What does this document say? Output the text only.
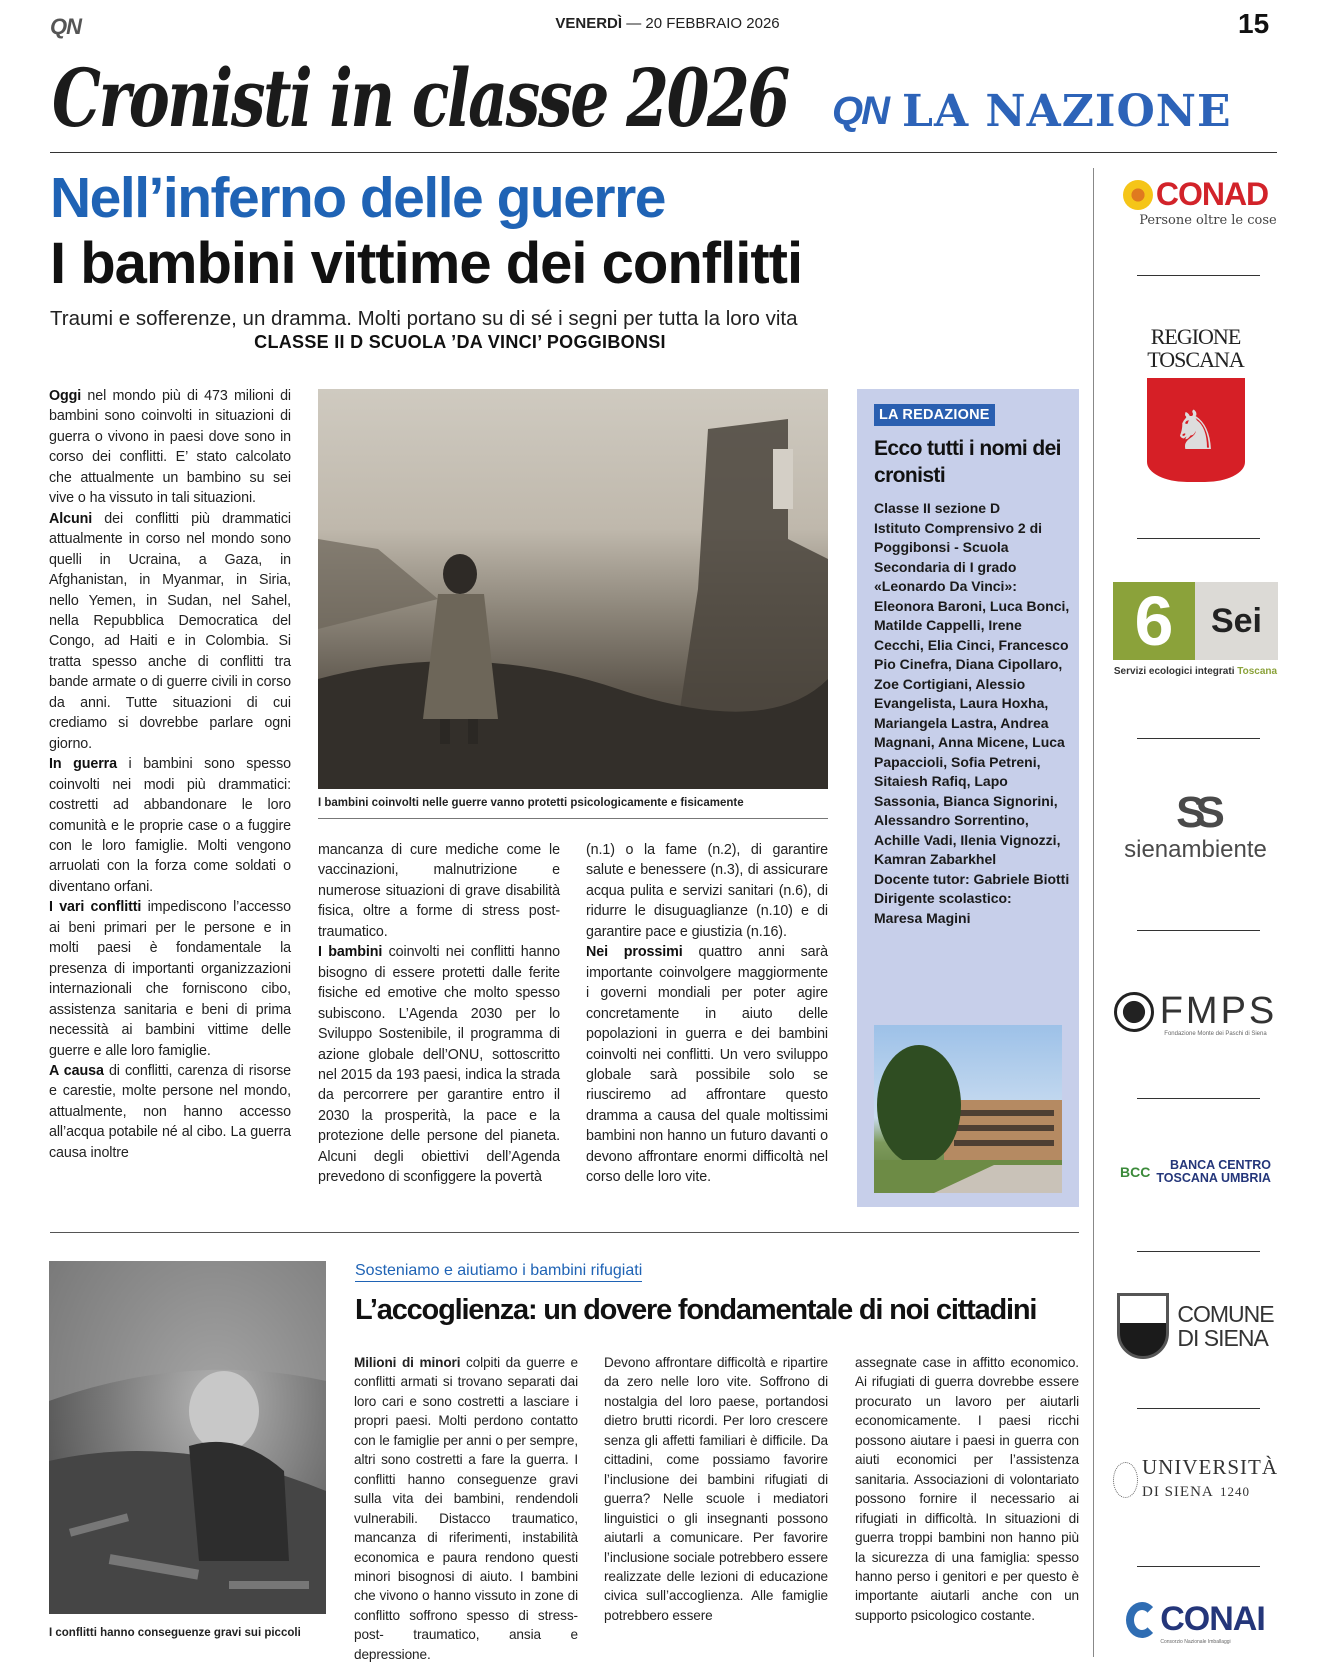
QN	VENERDÌ — 20 FEBBRAIO 2026	15
Cronisti in classe 2026 QN LA NAZIONE
Nell’inferno delle guerre
I bambini vittime dei conflitti
Traumi e sofferenze, un dramma. Molti portano su di sé i segni per tutta la loro vita
CLASSE II D SCUOLA ’DA VINCI’ POGGIBONSI

Oggi nel mondo più di 473 milioni di bambini sono coinvolti in situazioni di guerra o vivono in paesi dove sono in corso dei conflitti. E’ stato calcolato che attualmente un bambino su sei vive o ha vissuto in tali situazioni.

Alcuni dei conflitti più drammatici attualmente in corso nel mondo sono quelli in Ucraina, a Gaza, in Afghanistan, in Myanmar, in Siria, nello Yemen, in Sudan, nel Sahel, nella Repubblica Democratica del Congo, ad Haiti e in Colombia. Si tratta spesso anche di conflitti tra bande armate o di guerre civili in corso da anni. Tutte situazioni di cui crediamo si dovrebbe parlare ogni giorno.

In guerra i bambini sono spesso coinvolti nei modi più drammatici: costretti ad abbandonare le loro comunità e le proprie case o a fuggire con le loro famiglie. Molti vengono arruolati con la forza come soldati o diventano orfani.

I vari conflitti impediscono l’accesso ai beni primari per le persone e in molti paesi è fondamentale la presenza di importanti organizzazioni internazionali che forniscono cibo, assistenza sanitaria e beni di prima necessità ai bambini vittime delle guerre e alle loro famiglie.

A causa di conflitti, carenza di risorse e carestie, molte persone nel mondo, attualmente, non hanno accesso all’acqua potabile né al cibo. La guerra causa inoltre

I bambini coinvolti nelle guerre vanno protetti psicologicamente e fisicamente

mancanza di cure mediche come le vaccinazioni, malnutrizione e numerose situazioni di grave disabilità fisica, oltre a forme di stress post- traumatico.

I bambini coinvolti nei conflitti hanno bisogno di essere protetti dalle ferite fisiche ed emotive che molto spesso subiscono. L’Agenda 2030 per lo Sviluppo Sostenibile, il programma di azione globale dell’ONU, sottoscritto nel 2015 da 193 paesi, indica la strada da percorrere per garantire entro il 2030 la prosperità, la pace e la protezione delle persone del pianeta. Alcuni degli obiettivi dell’Agenda prevedono di sconfiggere la povertà

(n.1) o la fame (n.2), di garantire salute e benessere (n.3), di assicurare acqua pulita e servizi sanitari (n.6), di ridurre le disuguaglianze (n.10) e di garantire pace e giustizia (n.16).

Nei prossimi quattro anni sarà importante coinvolgere maggiormente i governi mondiali per poter agire concretamente in aiuto delle popolazioni in guerra e dei bambini coinvolti nei conflitti. Un vero sviluppo globale sarà possibile solo se riusciremo ad affrontare questo dramma a causa del quale moltissimi bambini non hanno un futuro davanti o devono affrontare enormi difficoltà nel corso delle loro vite.

LA REDAZIONE
Ecco tutti i nomi dei cronisti
Classe II sezione D
Istituto Comprensivo 2 di Poggibonsi - Scuola Secondaria di I grado «Leonardo Da Vinci»: Eleonora Baroni, Luca Bonci, Matilde Cappelli, Irene Cecchi, Elia Cinci, Francesco Pio Cinefra, Diana Cipollaro, Zoe Cortigiani, Alessio Evangelista, Laura Hoxha, Mariangela Lastra, Andrea Magnani, Anna Micene, Luca Papaccioli, Sofia Petreni, Sitaiesh Rafiq, Lapo Sassonia, Bianca Signorini, Alessandro Sorrentino, Achille Vadi, Ilenia Vignozzi, Kamran Zabarkhel
Docente tutor: Gabriele Biotti
Dirigente scolastico:
Maresa Magini
I conflitti hanno conseguenze gravi sui piccoli
Sosteniamo e aiutiamo i bambini rifugiati
L’accoglienza: un dovere fondamentale di noi cittadini
Milioni di minori colpiti da guerre e conflitti armati si trovano separati dai loro cari e sono costretti a lasciare i propri paesi. Molti perdono contatto con le famiglie per anni o per sempre, altri sono costretti a fare la guerra. I conflitti hanno conseguenze gravi sulla vita dei bambini, rendendoli vulnerabili. Distacco traumatico, mancanza di riferimenti, instabilità economica e paura rendono questi minori bisognosi di aiuto. I bambini che vivono o hanno vissuto in zone di conflitto soffrono spesso di stress-post- traumatico, ansia e depressione.
Devono affrontare difficoltà e ripartire da zero nelle loro vite. Soffrono di nostalgia del loro paese, portandosi dietro brutti ricordi. Per loro crescere senza gli affetti familiari è difficile. Da cittadini, come possiamo favorire l’inclusione dei bambini rifugiati di guerra? Nelle scuole i mediatori linguistici o gli insegnanti possono aiutarli a comunicare. Per favorire l’inclusione sociale potrebbero essere realizzate delle lezioni di educazione civica sull’accoglienza. Alle famiglie potrebbero essere
assegnate case in affitto economico. Ai rifugiati di guerra dovrebbe essere procurato un lavoro per aiutarli economicamente. I paesi ricchi possono aiutare i paesi in guerra con aiuti economici per l’assistenza sanitaria. Associazioni di volontariato possono fornire il necessario ai rifugiati in difficoltà. In situazioni di guerra troppi bambini non hanno più la sicurezza di una famiglia: spesso hanno perso i genitori e per questo è importante aiutarli anche con un supporto psicologico costante.
CONAD
Persone oltre le cose
REGIONE
TOSCANA
♞
6	Sei
Servizi ecologici integrati Toscana
SS
sienambiente
FMPS
Fondazione Monte dei Paschi di Siena
BCC	BANCA CENTRO
TOSCANA UMBRIA
COMUNE
DI SIENA
UNIVERSITÀ
DI SIENA 1240
CONAI
Consorzio Nazionale Imballaggi
